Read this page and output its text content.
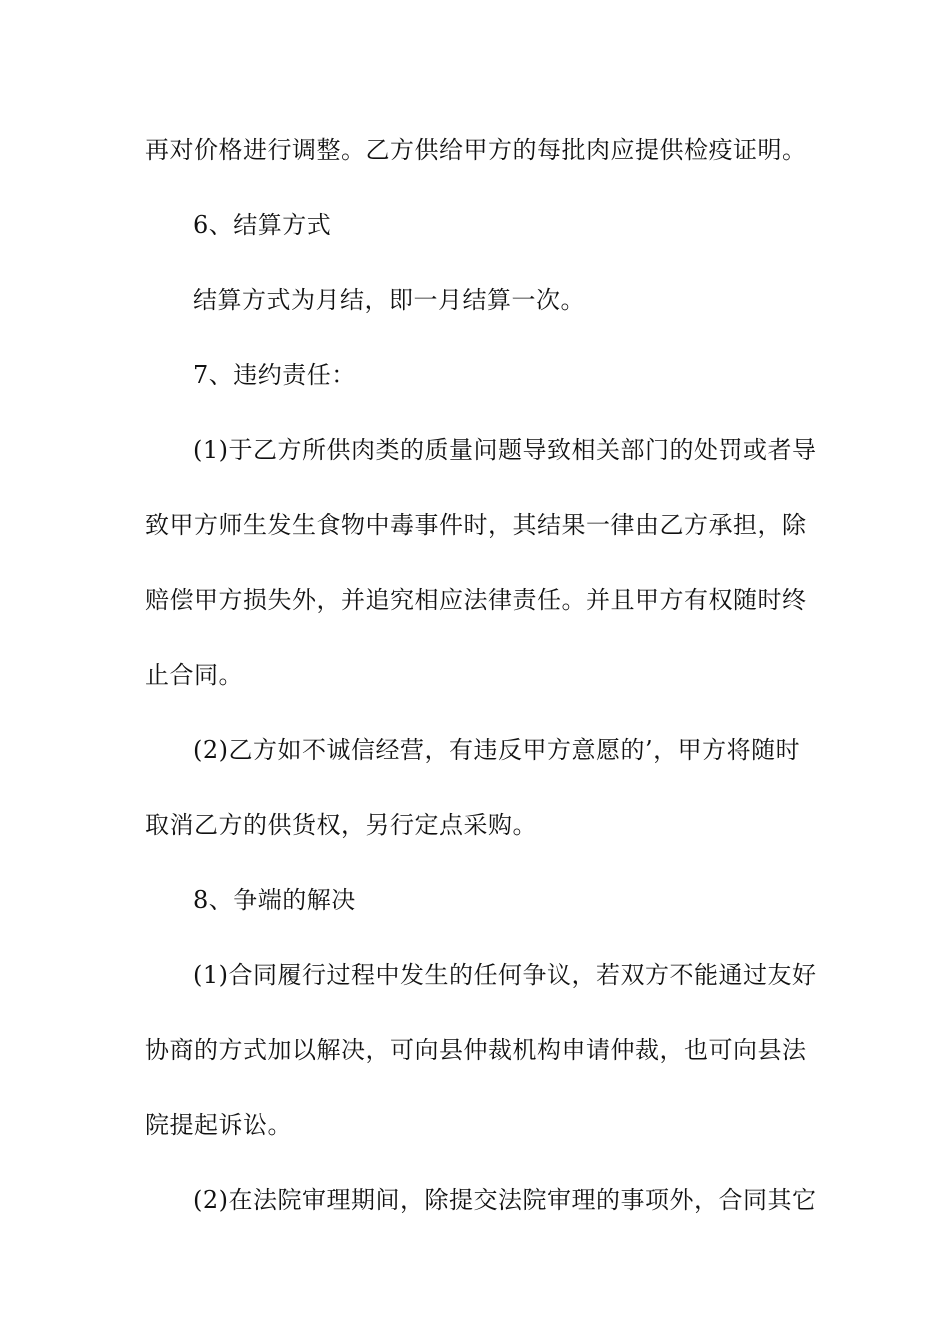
再对价格进行调整。乙方供给甲方的每批肉应提供检疫证明。
6、结算方式
结算方式为月结，即一月结算一次。
7、违约责任：
(1)于乙方所供肉类的质量问题导致相关部门的处罚或者导
致甲方师生发生食物中毒事件时，其结果一律由乙方承担，除
赔偿甲方损失外，并追究相应法律责任。并且甲方有权随时终
止合同。
(2)乙方如不诚信经营，有违反甲方意愿的’，甲方将随时
取消乙方的供货权，另行定点采购。
8、争端的解决
(1)合同履行过程中发生的任何争议，若双方不能通过友好
协商的方式加以解决，可向县仲裁机构申请仲裁，也可向县法
院提起诉讼。
(2)在法院审理期间，除提交法院审理的事项外，合同其它
